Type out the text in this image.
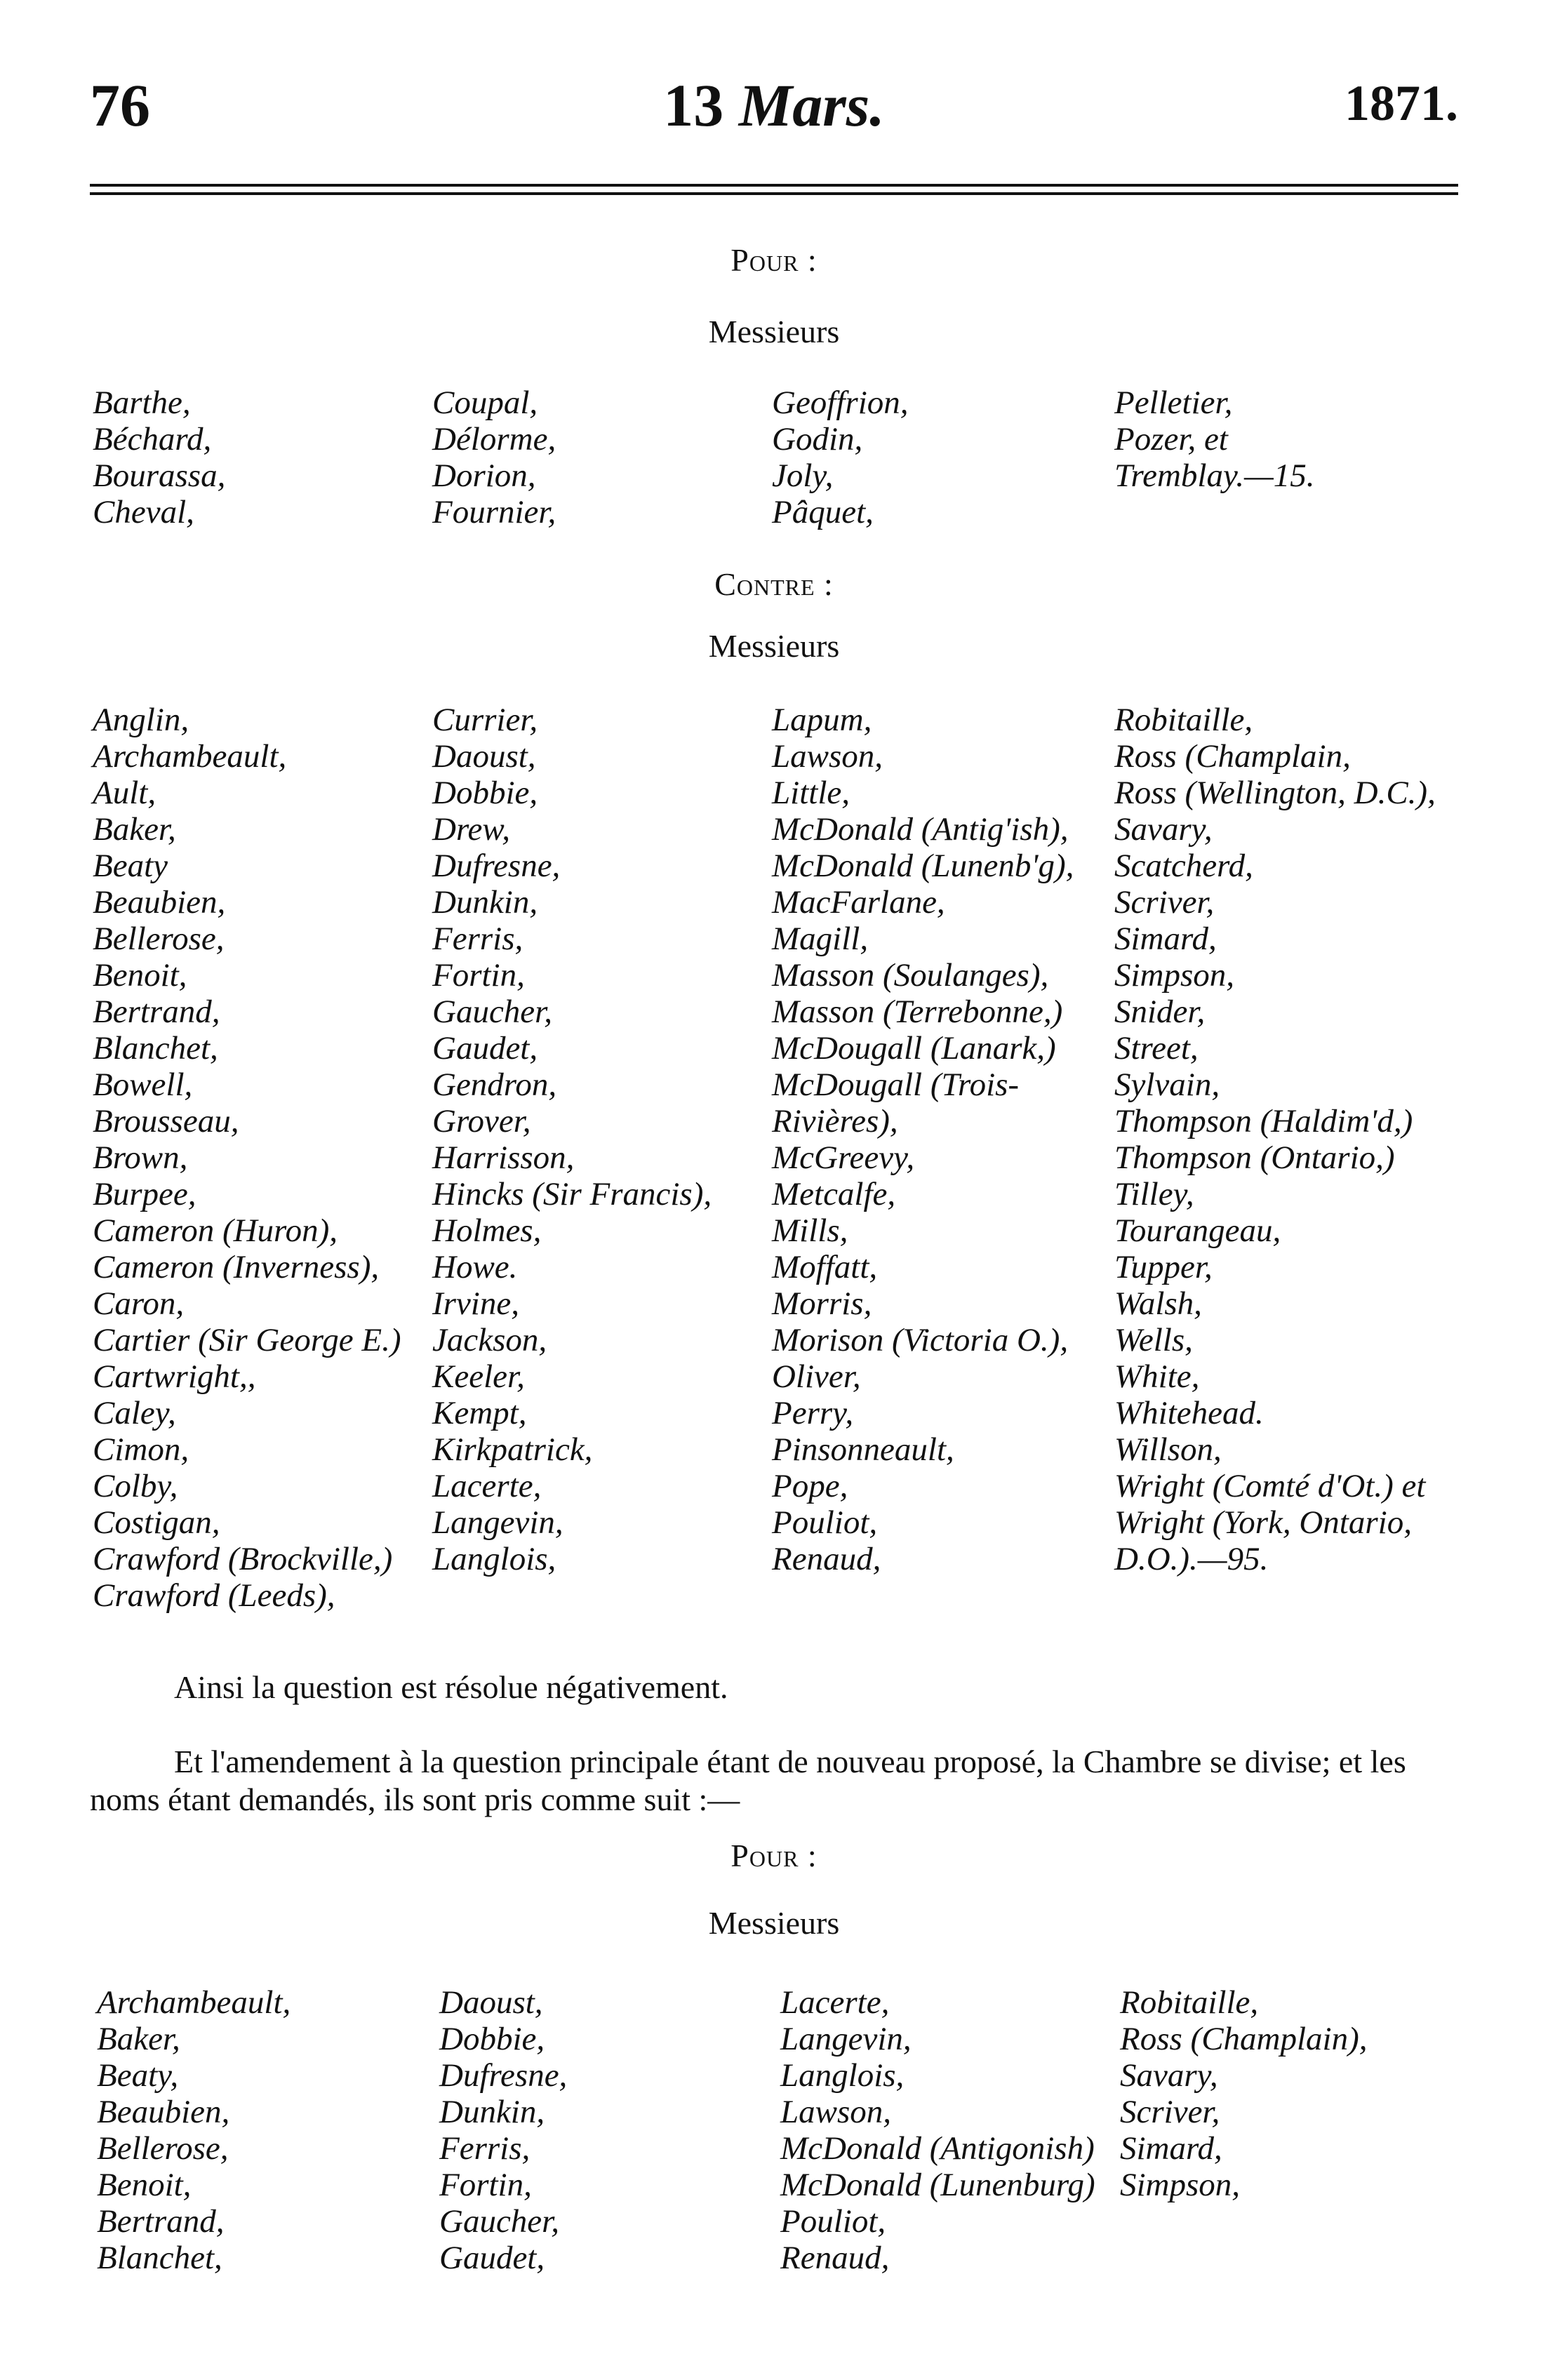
76	13 Mars.	1871.
Pour :
Messieurs
Barthe,
Béchard,
Bourassa,
Cheval,
Coupal,
Délorme,
Dorion,
Fournier,
Geoffrion,
Godin,
Joly,
Pâquet,
Pelletier,
Pozer, et
Tremblay.—15.
Contre :
Messieurs
Anglin,
Archambeault,
Ault,
Baker,
Beaty
Beaubien,
Bellerose,
Benoit,
Bertrand,
Blanchet,
Bowell,
Brousseau,
Brown,
Burpee,
Cameron (Huron),
Cameron (Inverness),
Caron,
Cartier (Sir George E.)
Cartwright,,
Caley,
Cimon,
Colby,
Costigan,
Crawford (Brockville,)
Crawford (Leeds),
Currier,
Daoust,
Dobbie,
Drew,
Dufresne,
Dunkin,
Ferris,
Fortin,
Gaucher,
Gaudet,
Gendron,
Grover,
Harrisson,
Hincks (Sir Francis),
Holmes,
Howe.
Irvine,
Jackson,
Keeler,
Kempt,
Kirkpatrick,
Lacerte,
Langevin,
Langlois,
Lapum,
Lawson,
Little,
McDonald (Antig'ish),
McDonald (Lunenb'g),
MacFarlane,
Magill,
Masson (Soulanges),
Masson (Terrebonne,)
McDougall (Lanark,)
McDougall (Trois-
Rivières),
McGreevy,
Metcalfe,
Mills,
Moffatt,
Morris,
Morison (Victoria O.),
Oliver,
Perry,
Pinsonneault,
Pope,
Pouliot,
Renaud,
Robitaille,
Ross (Champlain,
Ross (Wellington, D.C.),
Savary,
Scatcherd,
Scriver,
Simard,
Simpson,
Snider,
Street,
Sylvain,
Thompson (Haldim'd,)
Thompson (Ontario,)
Tilley,
Tourangeau,
Tupper,
Walsh,
Wells,
White,
Whitehead.
Willson,
Wright (Comté d'Ot.) et
Wright (York, Ontario,
D.O.).—95.
Ainsi la question est résolue négativement.
Et l'amendement à la question principale étant de nouveau proposé, la Chambre se divise; et les noms étant demandés, ils sont pris comme suit :—
Pour :
Messieurs
Archambeault,
Baker,
Beaty,
Beaubien,
Bellerose,
Benoit,
Bertrand,
Blanchet,
Daoust,
Dobbie,
Dufresne,
Dunkin,
Ferris,
Fortin,
Gaucher,
Gaudet,
Lacerte,
Langevin,
Langlois,
Lawson,
McDonald (Antigonish)
McDonald (Lunenburg)
Pouliot,
Renaud,
Robitaille,
Ross (Champlain),
Savary,
Scriver,
Simard,
Simpson,
